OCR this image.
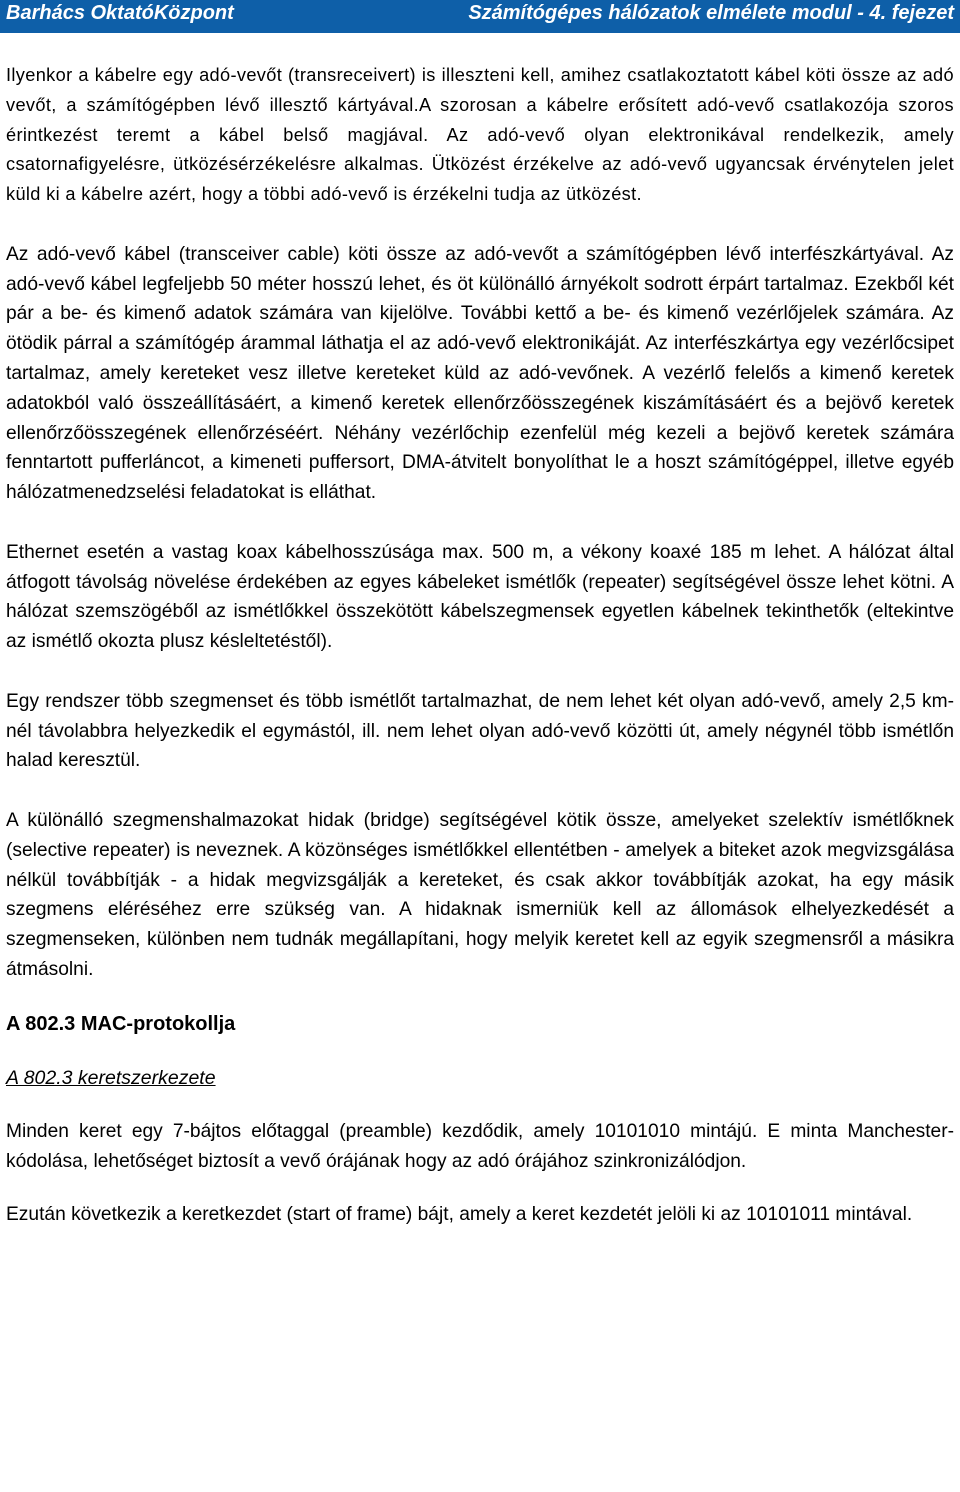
Barhács OktatóKözpont	Számítógépes hálózatok elmélete modul - 4. fejezet

Ilyenkor a kábelre egy adó-vevőt (transreceivert) is illeszteni kell, amihez csatlakoztatott kábel köti össze az adó vevőt, a számítógépben lévő illesztő kártyával.A szorosan a kábelre erősített adó-vevő csatlakozója szoros érintkezést teremt a kábel belső magjával. Az adó-vevő olyan elektronikával rendelkezik, amely csatornafigyelésre, ütközésérzékelésre alkalmas. Ütközést érzékelve az adó-vevő ugyancsak érvénytelen jelet küld ki a kábelre azért, hogy a többi adó-vevő is érzékelni tudja az ütközést.

Az adó-vevő kábel (transceiver cable) köti össze az adó-vevőt a számítógépben lévő interfészkártyával. Az adó-vevő kábel legfeljebb 50 méter hosszú lehet, és öt különálló árnyékolt sodrott érpárt tartalmaz. Ezekből két pár a be- és kimenő adatok számára van kijelölve. További kettő a be- és kimenő vezérlőjelek számára. Az ötödik párral a számítógép árammal láthatja el az adó-vevő elektronikáját. Az interfészkártya egy vezérlőcsipet tartalmaz, amely kereteket vesz illetve kereteket küld az adó-vevőnek. A vezérlő felelős a kimenő keretek adatokból való összeállításáért, a kimenő keretek ellenőrzőösszegének kiszámításáért és a bejövő keretek ellenőrzőösszegének ellenőrzéséért. Néhány vezérlőchip ezenfelül még kezeli a bejövő keretek számára fenntartott pufferláncot, a kimeneti puffersort, DMA-átvitelt bonyolíthat le a hoszt számítógéppel, illetve egyéb hálózatmenedzselési feladatokat is elláthat.

Ethernet esetén a vastag koax kábelhosszúsága max. 500 m, a vékony koaxé 185 m lehet. A hálózat által átfogott távolság növelése érdekében az egyes kábeleket ismétlők (repeater) segítségével össze lehet kötni. A hálózat szemszögéből az ismétlőkkel összekötött kábelszegmensek egyetlen kábelnek tekinthetők (eltekintve az ismétlő okozta plusz késleltetéstől).

Egy rendszer több szegmenset és több ismétlőt tartalmazhat, de nem lehet két olyan adó-vevő, amely 2,5 km-nél távolabbra helyezkedik el egymástól, ill. nem lehet olyan adó-vevő közötti út, amely négynél több ismétlőn halad keresztül.

A különálló szegmenshalmazokat hidak (bridge) segítségével kötik össze, amelyeket szelektív ismétlőknek (selective repeater) is neveznek. A közönséges ismétlőkkel ellentétben - amelyek a biteket azok megvizsgálása nélkül továbbítják - a hidak megvizsgálják a kereteket, és csak akkor továbbítják azokat, ha egy másik szegmens eléréséhez erre szükség van. A hidaknak ismerniük kell az állomások elhelyezkedését a szegmenseken, különben nem tudnák megállapítani, hogy melyik keretet kell az egyik szegmensről a másikra átmásolni.

A 802.3 MAC-protokollja
A 802.3 keretszerkezete

Minden keret egy 7-bájtos előtaggal (preamble) kezdődik, amely 10101010 mintájú. E minta Manchester-kódolása, lehetőséget biztosít a vevő órájának hogy az adó órájához szinkronizálódjon.

Ezután következik a keretkezdet (start of frame) bájt, amely a keret kezdetét jelöli ki az 10101011 mintával.
